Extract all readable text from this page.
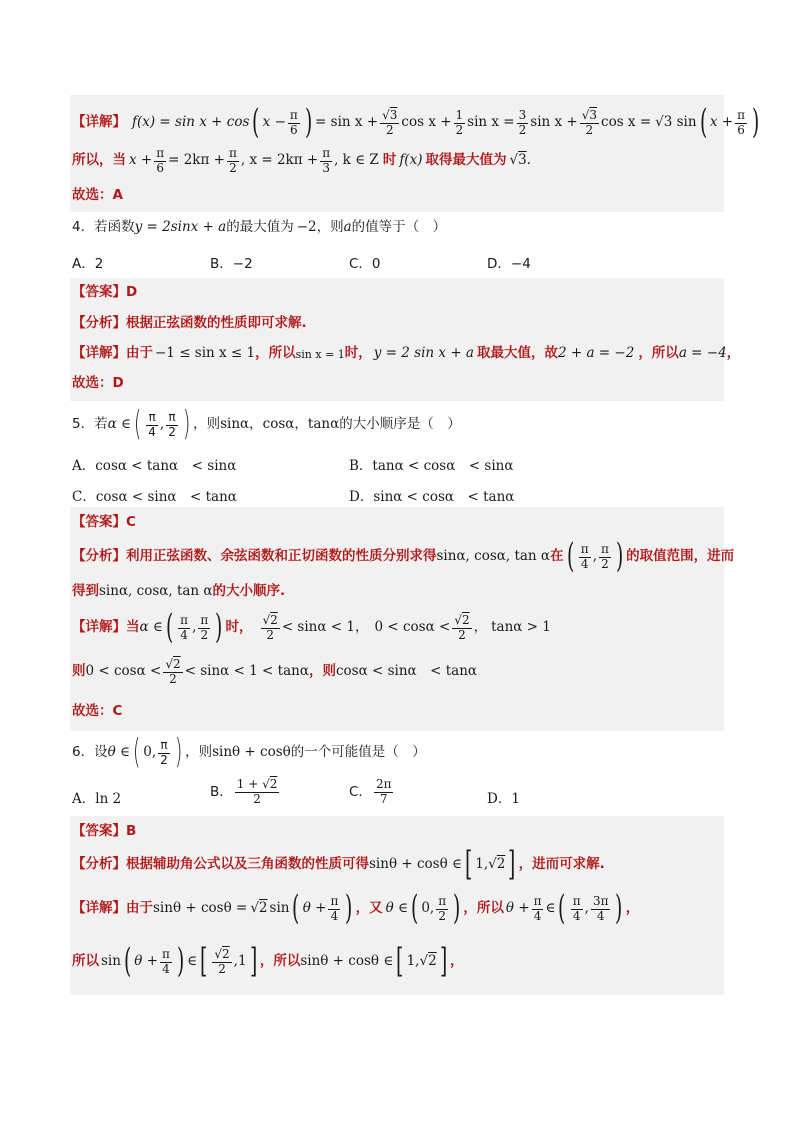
【详解】 f(x) = sin x + cos ( $x - \frac{\pi}{6}$ ) = $\sin x + \frac{√3}{2}$ $\cos x + \frac{1}{2}$ $\sin x = \frac{3}{2}$ $\sin x + \frac{√3}{2}$ cos x = √3 sin ( $x + \frac{\pi}{6}$ )
所以，当 $x + \frac{\pi}{6} = 2k\pi + \frac{\pi}{2}$ , $x = 2k\pi + \frac{\pi}{3}$ , k ∈ Z 时 f(x) 取得最大值为 √3 .
故选：A
4．若函数 y = 2sinx + a 的最大值为 −2 ，则 a 的值等于（　）
A．2	B．−2	C．0	D．−4
【答案】 D
【分析】 根据正弦函数的性质即可求解.
【详解】 由于 −1 ≤ sin x ≤ 1 ，所以 sin x = 1 时， y = 2 sin x + a 取最大值，故 2 + a = −2 ，所以 a = −4 ，
故选：D
5．若 α ∈ ( $\frac{\pi}{4}$ , $\frac{\pi}{2}$ ) ，则 sinα ， cosα ， tanα 的大小顺序是（　）
A．cosα < tanα　< sinα	B．tanα < cosα　< sinα
C．cosα < sinα　< tanα	D．sinα < cosα　< tanα
【答案】 C
【分析】 利用正弦函数、余弦函数和正切函数的性质分别求得 sinα, cosα, tan α 在 ( $\frac{\pi}{4}$ , $\frac{\pi}{2}$ ) 的取值范围，进而
得到 sinα, cosα, tan α 的大小顺序.
【详解】 当 α ∈ ( $\frac{\pi}{4}$ , $\frac{\pi}{2}$ ) 时， $\frac{√2}{2} < \sin\alpha < 1$， $0 < \cos\alpha < \frac{√2}{2}$ ， tanα > 1
则 $0 < \cos\alpha < \frac{√2}{2} < \sin\alpha < 1 < \tan\alpha$ ，则 cosα < sinα　< tanα
故选：C
6．设 θ ∈ ( 0, $\frac{\pi}{2}$ ) ，则 sinθ + cosθ 的一个可能值是（　）
A．ln 2	B． $\frac{1 + √2}{2}$	C． $\frac{2\pi}{7}$	D．1
【答案】 B
【分析】 根据辅助角公式以及三角函数的性质可得 sinθ + cosθ ∈ [ 1, √2 ] ，进而可求解.
【详解】 由于 sinθ + cosθ = √2 sin ( $\theta + \frac{\pi}{4}$ ) ，又 θ ∈ ( 0, $\frac{\pi}{2}$ ) ，所以 $\theta + \frac{\pi}{4}$ ∈ ( $\frac{\pi}{4}$ , $\frac{3\pi}{4}$ ) ，
所以 sin ( $\theta + \frac{\pi}{4}$ ) ∈ [ $\frac{√2}{2} ,1$ ] ，所以 sinθ + cosθ ∈ [ 1, √2 ] ，
